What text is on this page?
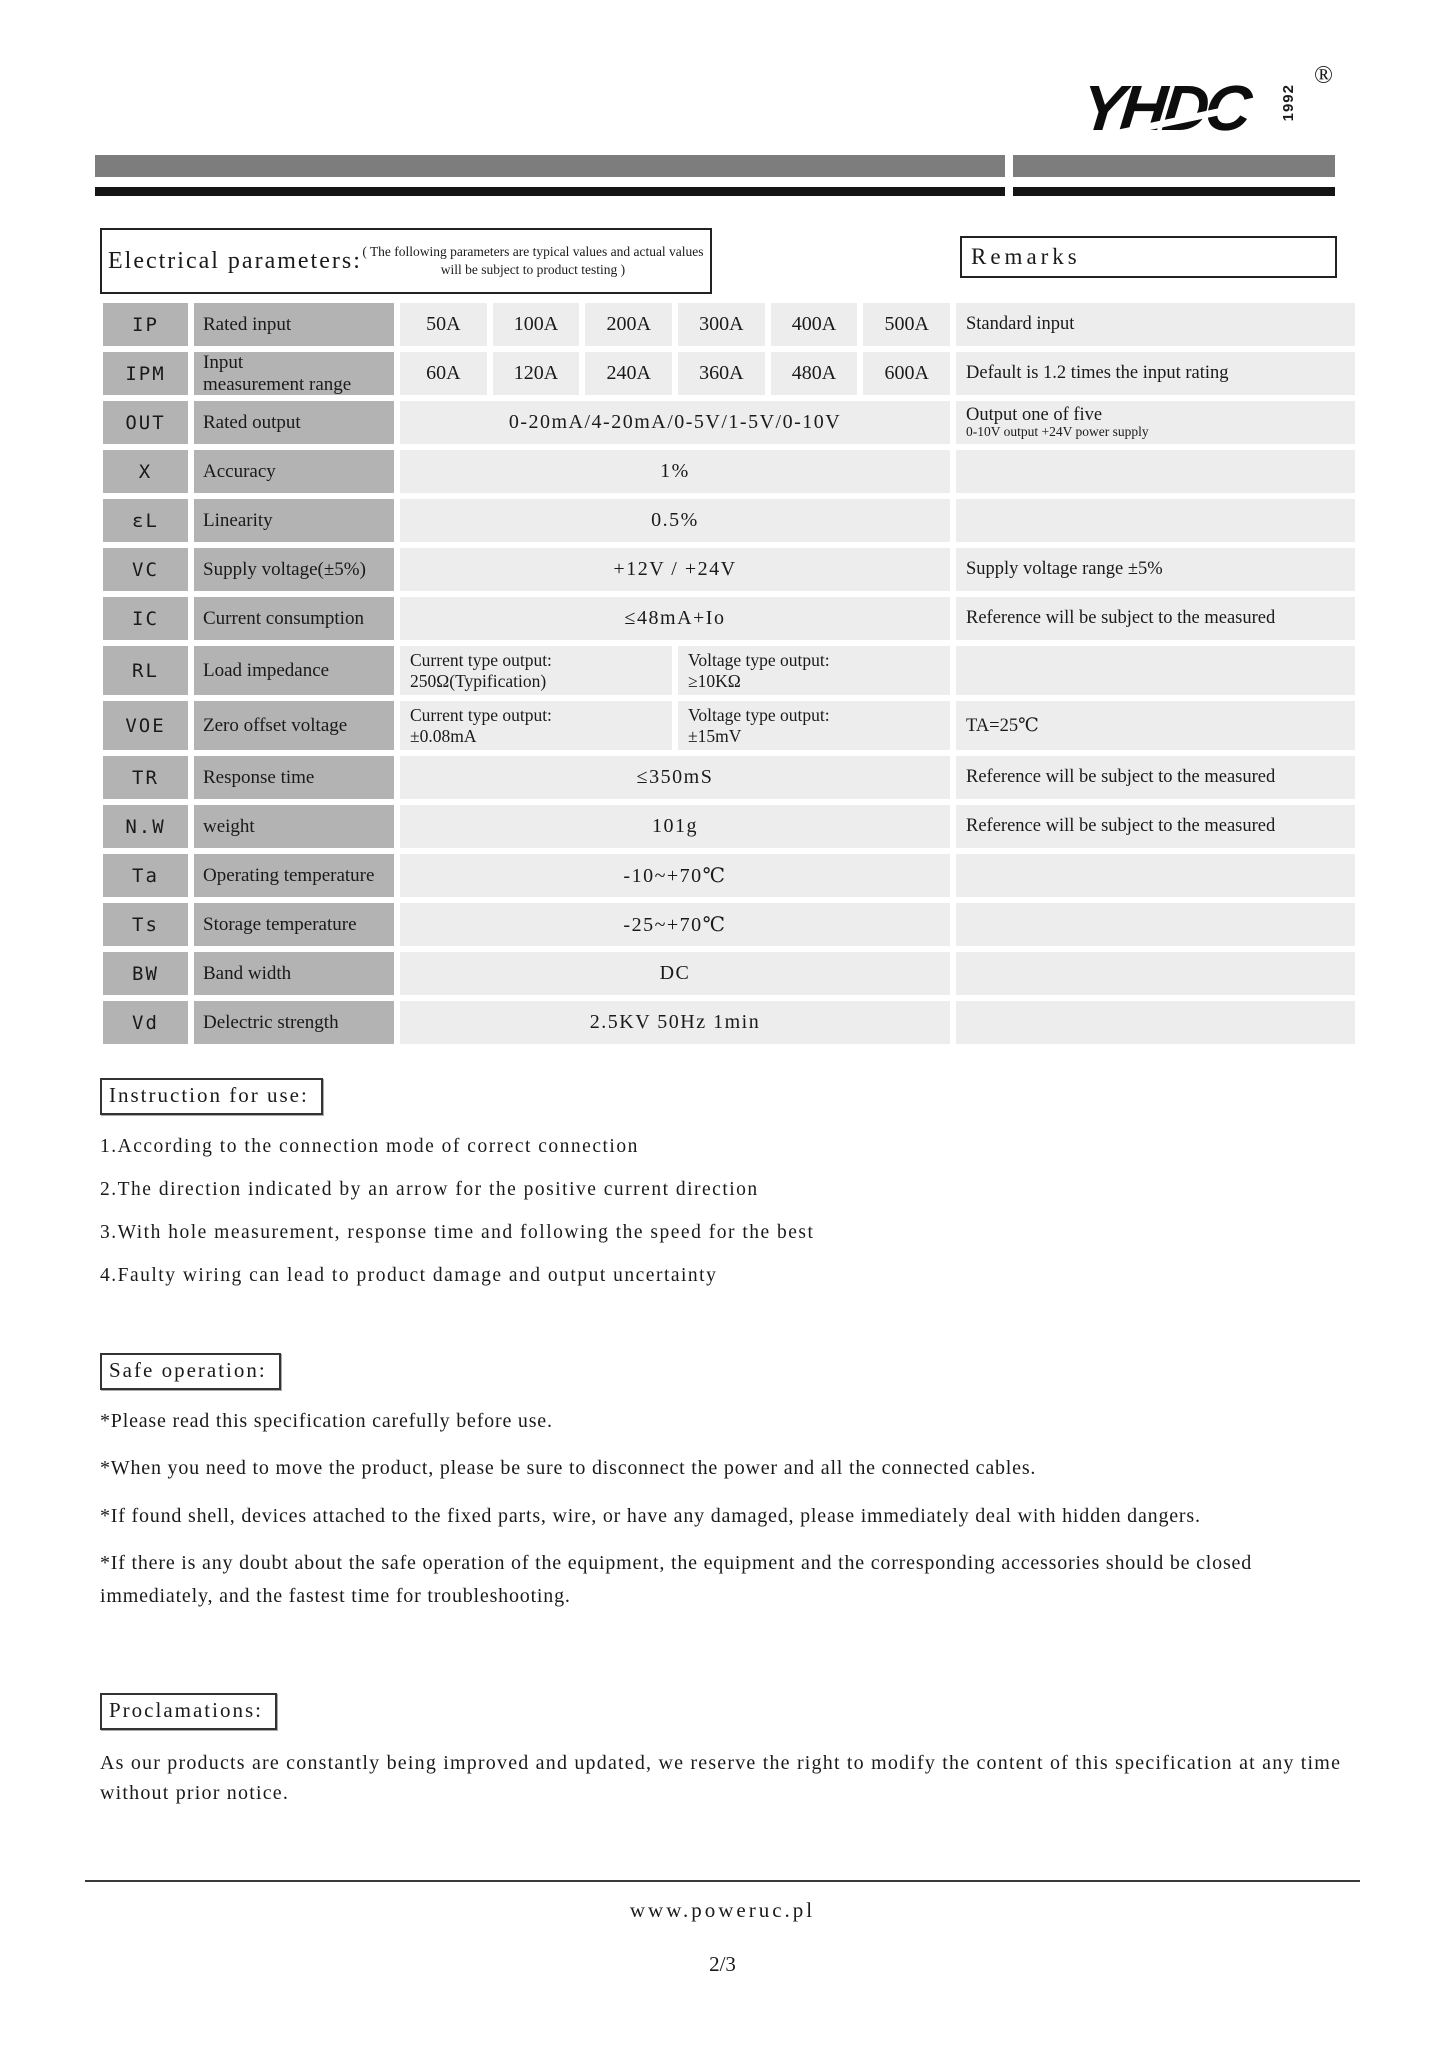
YHDC 1992
®
Electrical parameters: ( The following parameters are typical values and actual values
will be subject to product testing )
Remarks
IP	Rated input	50A	100A	200A	300A	400A	500A	Standard input
IPM	Input
measurement range	60A	120A	240A	360A	480A	600A	Default is 1.2 times the input rating
OUT	Rated output	0-20mA/4-20mA/0-5V/1-5V/0-10V	Output one of five
0-10V output +24V power supply
X	Accuracy	1%
εL	Linearity	0.5%
VC	Supply voltage(±5%)	+12V / +24V	Supply voltage range ±5%
IC	Current consumption	≤48mA+Io	Reference will be subject to the measured
RL	Load impedance	Current type output:
250Ω(Typification)
Voltage type output:
≥10KΩ
VOE	Zero offset voltage	Current type output:
±0.08mA
Voltage type output:
±15mV	TA=25℃
TR	Response time	≤350mS	Reference will be subject to the measured
N.W	weight	101g	Reference will be subject to the measured
Ta	Operating temperature	-10~+70℃
Ts	Storage temperature	-25~+70℃
BW	Band width	DC
Vd	Delectric strength	2.5KV 50Hz 1min
Instruction for use:
1.According to the connection mode of correct connection
2.The direction indicated by an arrow for the positive current direction
3.With hole measurement, response time and following the speed for the best
4.Faulty wiring can lead to product damage and output uncertainty
Safe operation:
*Please read this specification carefully before use.
*When you need to move the product, please be sure to disconnect the power and all the connected cables.
*If found shell, devices attached to the fixed parts, wire, or have any damaged, please immediately deal with hidden dangers.
*If there is any doubt about the safe operation of the equipment, the equipment and the corresponding accessories should be closed immediately, and the fastest time for troubleshooting.
Proclamations:
As our products are constantly being improved and updated, we reserve the right to modify the content of this specification at any time without prior notice.
www.poweruc.pl
2/3
